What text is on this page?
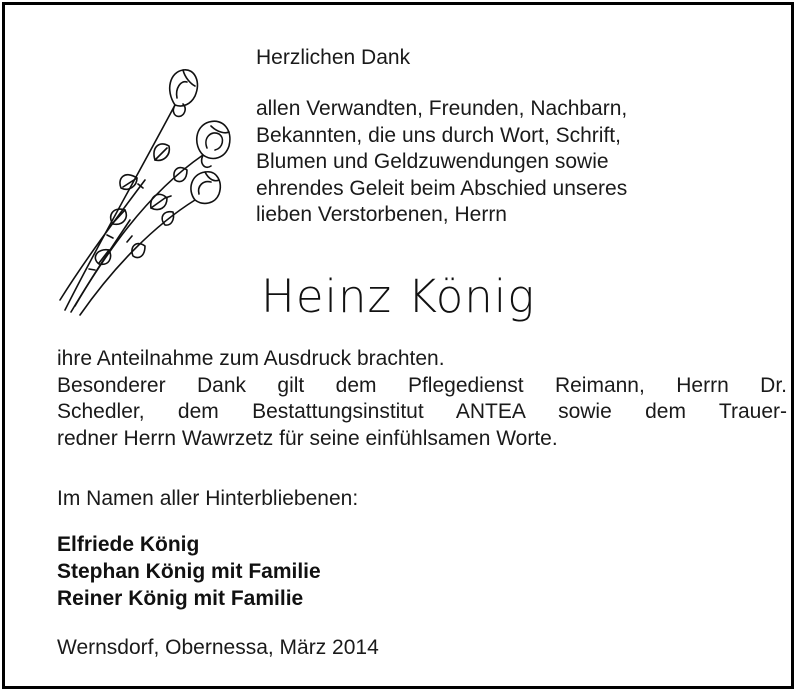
Herzlichen Dank

allen Verwandten, Freunden, Nachbarn,
Bekannten, die uns durch Wort, Schrift,
Blumen und Geldzuwendungen sowie
ehrendes Geleit beim Abschied unseres
lieben Verstorbenen, Herrn

Heinz König

ihre Anteilnahme zum Ausdruck brachten.
Besonderer Dank gilt dem Pflegedienst Reimann, Herrn Dr.
Schedler, dem Bestattungsinstitut ANTEA sowie dem Trauer-
redner Herrn Wawrzetz für seine einfühlsamen Worte.

Im Namen aller Hinterbliebenen:

Elfriede König
Stephan König mit Familie
Reiner König mit Familie

Wernsdorf, Obernessa, März 2014
